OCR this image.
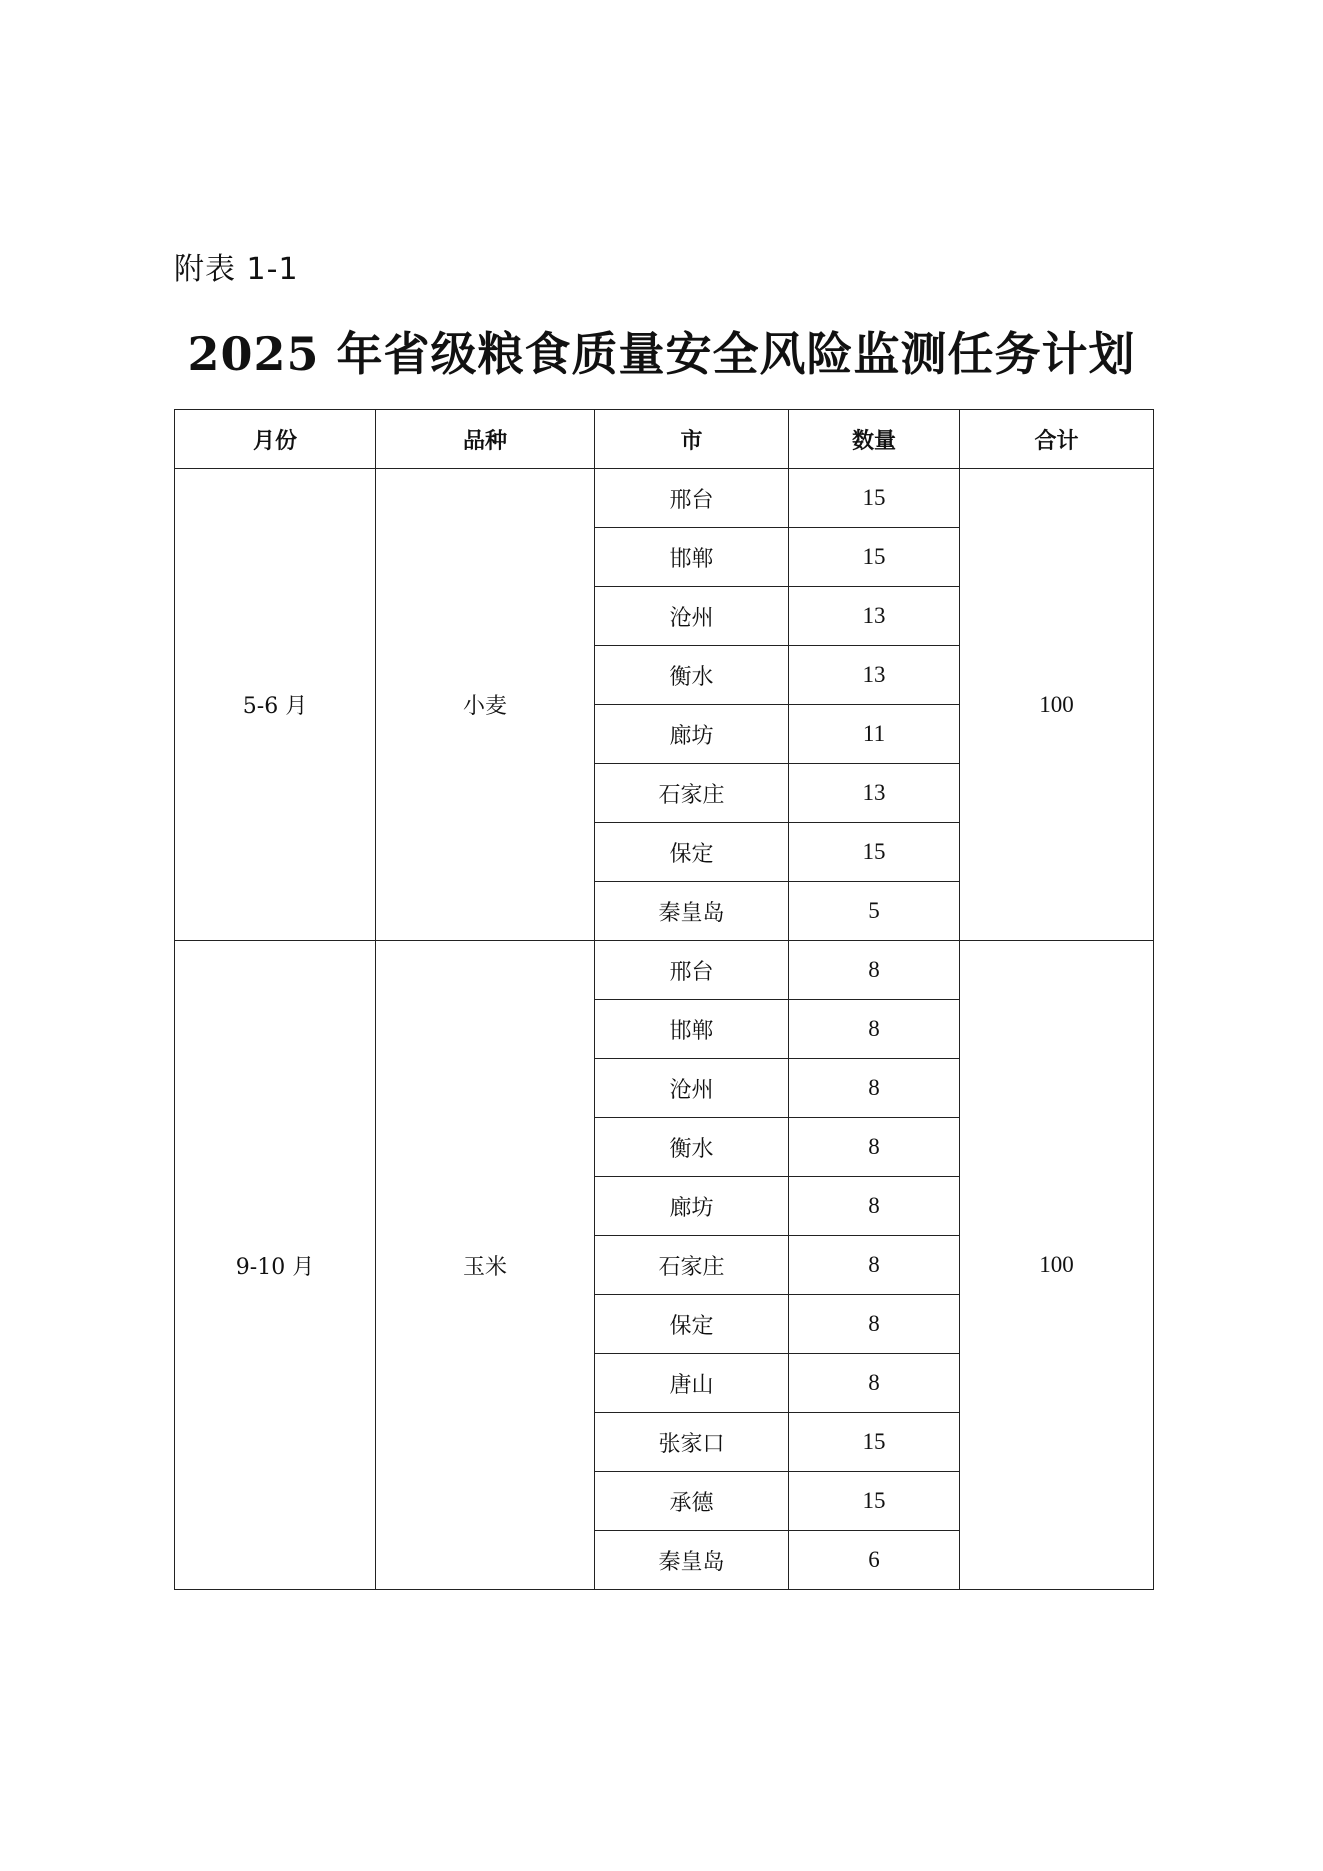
附表 1-1
2025 年省级粮食质量安全风险监测任务计划
月份	品种	市	数量	合计
5-6 月	小麦	邢台	15	100
		邯郸	15	
		沧州	13	
		衡水	13	
		廊坊	11	
		石家庄	13	
		保定	15	
		秦皇岛	5	
9-10 月	玉米	邢台	8	100
		邯郸	8	
		沧州	8	
		衡水	8	
		廊坊	8	
		石家庄	8	
		保定	8	
		唐山	8	
		张家口	15	
		承德	15	
		秦皇岛	6	
